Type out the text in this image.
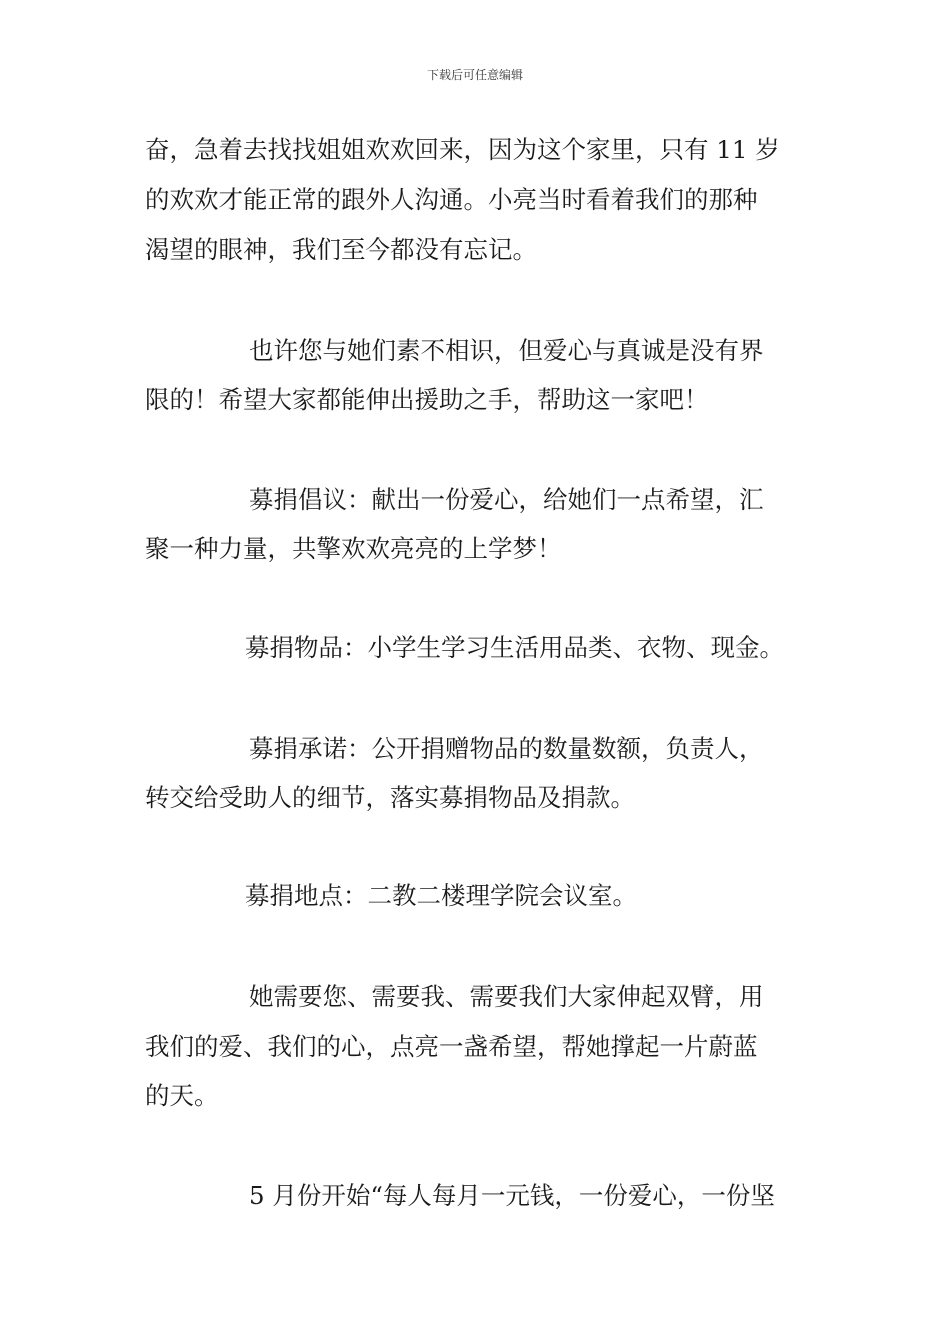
下载后可任意编辑
奋，急着去找找姐姐欢欢回来，因为这个家里，只有 11 岁
的欢欢才能正常的跟外人沟通。小亮当时看着我们的那种
渴望的眼神，我们至今都没有忘记。
也许您与她们素不相识，但爱心与真诚是没有界
限的！希望大家都能伸出援助之手，帮助这一家吧！
募捐倡议：献出一份爱心，给她们一点希望，汇
聚一种力量，共擎欢欢亮亮的上学梦！
募捐物品：小学生学习生活用品类、衣物、现金。
募捐承诺：公开捐赠物品的数量数额，负责人，
转交给受助人的细节，落实募捐物品及捐款。
募捐地点：二教二楼理学院会议室。
她需要您、需要我、需要我们大家伸起双臂，用
我们的爱、我们的心，点亮一盏希望，帮她撑起一片蔚蓝
的天。
5 月份开始“每人每月一元钱，一份爱心，一份坚
